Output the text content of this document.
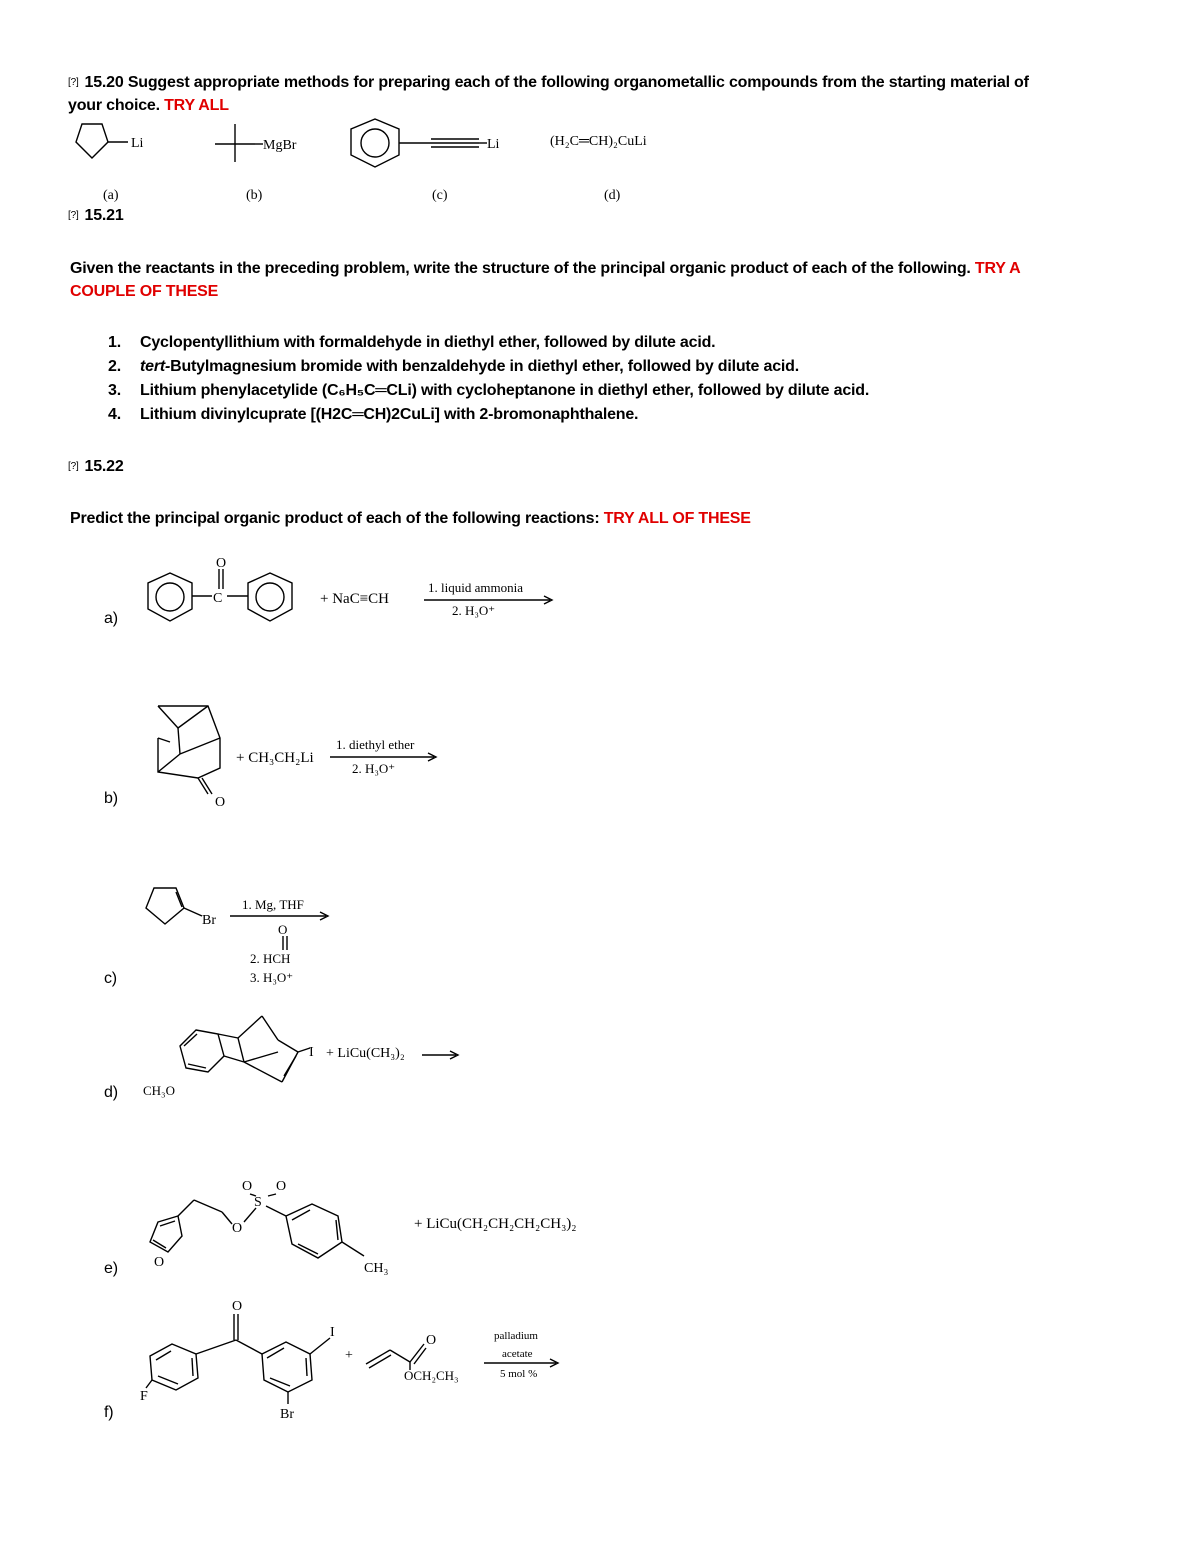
[?] 15.20 Suggest appropriate methods for preparing each of the following organometallic compounds from the starting material of
your choice. TRY ALL
Li	MgBr	Li	(H₂C═CH)₂CuLi
(a)	(b)	(c)	(d)
[?] 15.21
Given the reactants in the preceding problem, write the structure of the principal organic product of each of the following. TRY A
COUPLE OF THESE
1. Cyclopentyllithium with formaldehyde in diethyl ether, followed by dilute acid.
2. tert-Butylmagnesium bromide with benzaldehyde in diethyl ether, followed by dilute acid.
3. Lithium phenylacetylide (C₆H₅C═CLi) with cycloheptanone in diethyl ether, followed by dilute acid.
4. Lithium divinylcuprate [(H2C═CH)2CuLi] with 2-bromonaphthalene.
[?] 15.22
Predict the principal organic product of each of the following reactions: TRY ALL OF THESE
a)
C
O
+ NaC≡CH
1. liquid ammonia
2. H₃O⁺
b)	O
+ CH₃CH₂Li
1. diethyl ether
2. H₃O⁺
c)
Br
1. Mg, THF
O
2. HCH
3. H₃O⁺
d) CH₃O
I + LiCu(CH₃)₂
e)	O
O
S
O O
CH₃
+ LiCu(CH₂CH₂CH₂CH₃)₂
f)
F
O
I
Br
+
O
OCH₂CH₃
palladium
acetate
5 mol %
